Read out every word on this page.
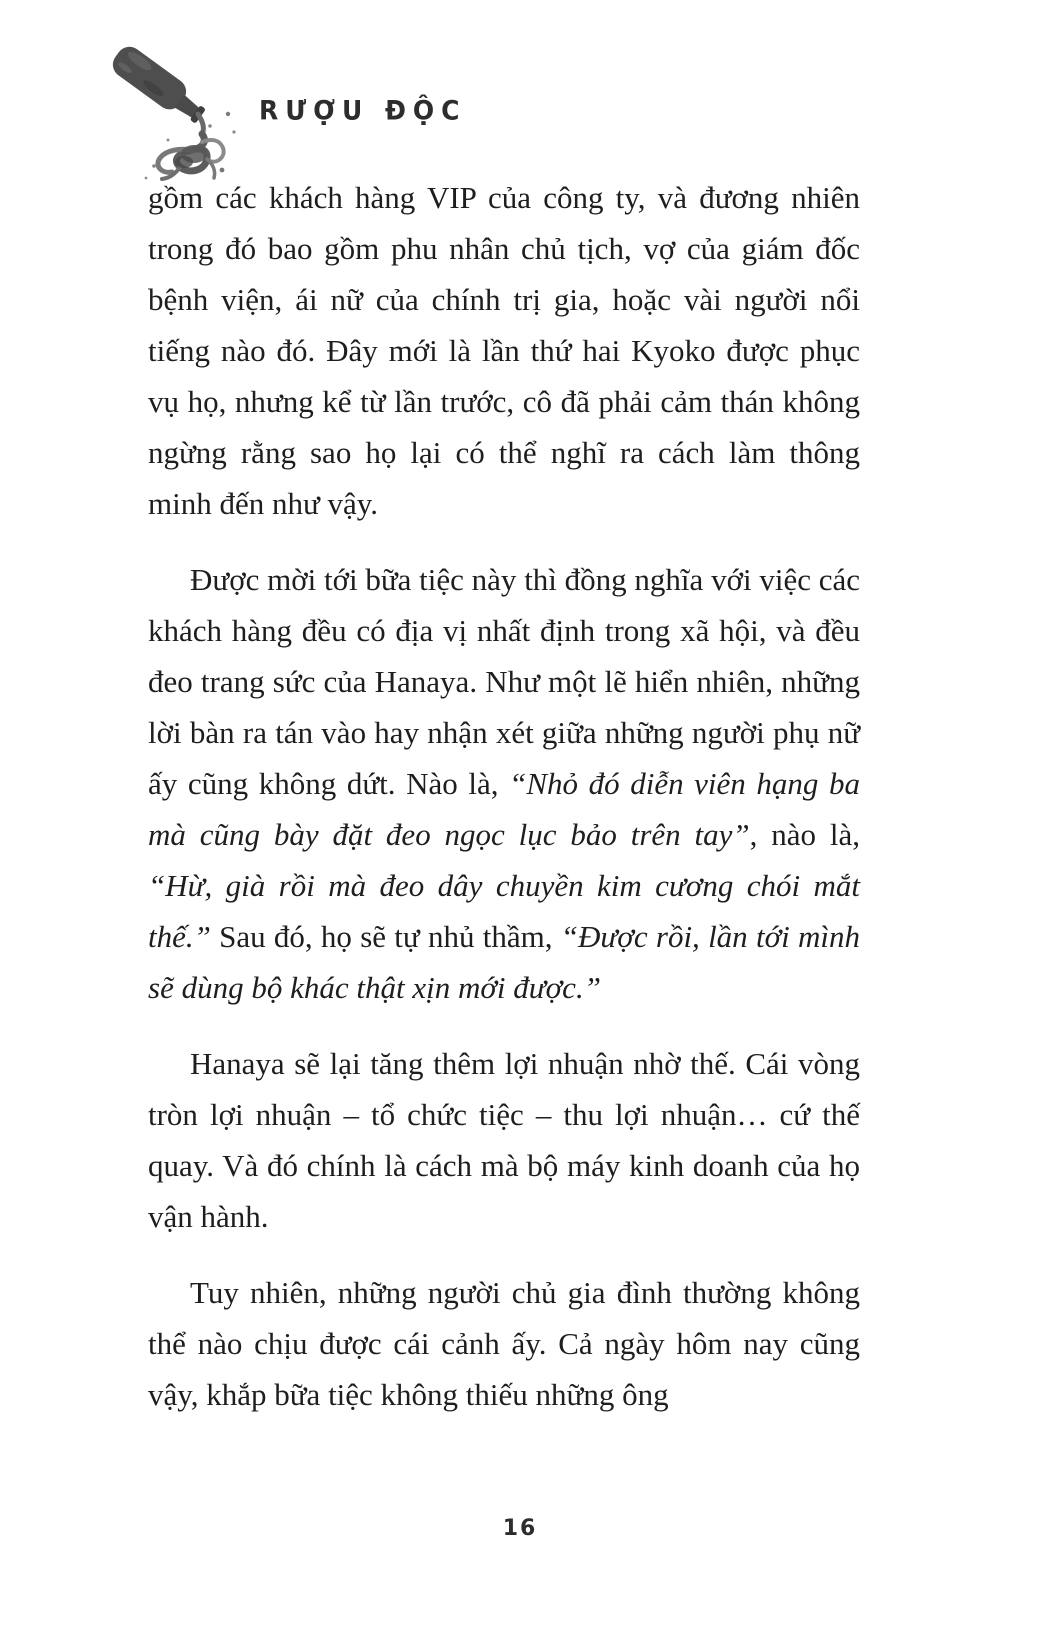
RƯỢU ĐỘC

gồm các khách hàng VIP của công ty, và đương nhiên trong đó bao gồm phu nhân chủ tịch, vợ của giám đốc bệnh viện, ái nữ của chính trị gia, hoặc vài người nổi tiếng nào đó. Đây mới là lần thứ hai Kyoko được phục vụ họ, nhưng kể từ lần trước, cô đã phải cảm thán không ngừng rằng sao họ lại có thể nghĩ ra cách làm thông minh đến như vậy.

Được mời tới bữa tiệc này thì đồng nghĩa với việc các khách hàng đều có địa vị nhất định trong xã hội, và đều đeo trang sức của Hanaya. Như một lẽ hiển nhiên, những lời bàn ra tán vào hay nhận xét giữa những người phụ nữ ấy cũng không dứt. Nào là, “Nhỏ đó diễn viên hạng ba mà cũng bày đặt đeo ngọc lục bảo trên tay”, nào là, “Hừ, già rồi mà đeo dây chuyền kim cương chói mắt thế.” Sau đó, họ sẽ tự nhủ thầm, “Được rồi, lần tới mình sẽ dùng bộ khác thật xịn mới được.”

Hanaya sẽ lại tăng thêm lợi nhuận nhờ thế. Cái vòng tròn lợi nhuận – tổ chức tiệc – thu lợi nhuận… cứ thế quay. Và đó chính là cách mà bộ máy kinh doanh của họ vận hành.

Tuy nhiên, những người chủ gia đình thường không thể nào chịu được cái cảnh ấy. Cả ngày hôm nay cũng vậy, khắp bữa tiệc không thiếu những ông

16
